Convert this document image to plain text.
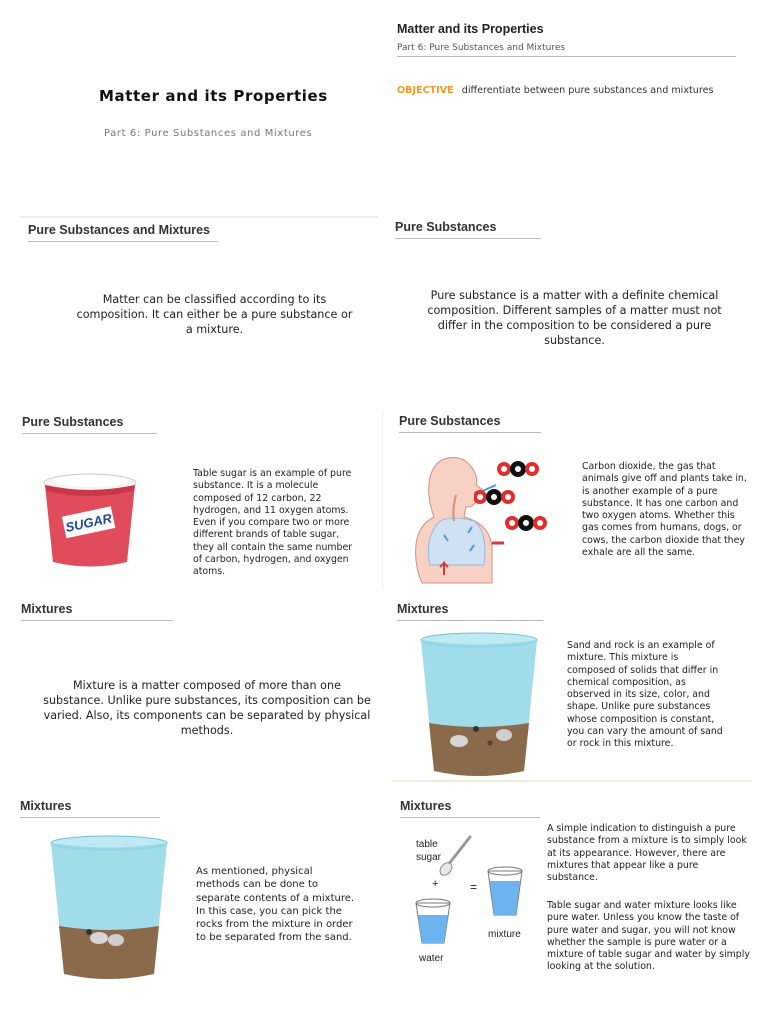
Matter and its Properties
Part 6: Pure Substances and Mixtures
Matter and its Properties
Part 6: Pure Substances and Mixtures
OBJECTIVE differentiate between pure substances and mixtures
Pure Substances and Mixtures
Matter can be classified according to its composition. It can either be a pure substance or a mixture.
Pure Substances
Pure substance is a matter with a definite chemical composition. Different samples of a matter must not differ in the composition to be considered a pure substance.
Pure Substances
SUGAR
Table sugar is an example of pure substance. It is a molecule composed of 12 carbon, 22 hydrogen, and 11 oxygen atoms. Even if you compare two or more different brands of table sugar, they all contain the same number of carbon, hydrogen, and oxygen atoms.
Pure Substances
Carbon dioxide, the gas that animals give off and plants take in, is another example of a pure substance. It has one carbon and two oxygen atoms. Whether this gas comes from humans, dogs, or cows, the carbon dioxide that they exhale are all the same.
Mixtures
Mixture is a matter composed of more than one substance. Unlike pure substances, its composition can be varied. Also, its components can be separated by physical methods.
Mixtures
Sand and rock is an example of mixture. This mixture is composed of solids that differ in chemical composition, as observed in its size, color, and shape. Unlike pure substances whose composition is constant, you can vary the amount of sand or rock in this mixture.
Mixtures
As mentioned, physical methods can be done to separate contents of a mixture. In this case, you can pick the rocks from the mixture in order to be separated from the sand.
Mixtures
table
sugar
+	=
water
mixture
A simple indication to distinguish a pure substance from a mixture is to simply look at its appearance. However, there are mixtures that appear like a pure substance.
Table sugar and water mixture looks like pure water. Unless you know the taste of pure water and sugar, you will not know whether the sample is pure water or a mixture of table sugar and water by simply looking at the solution.
